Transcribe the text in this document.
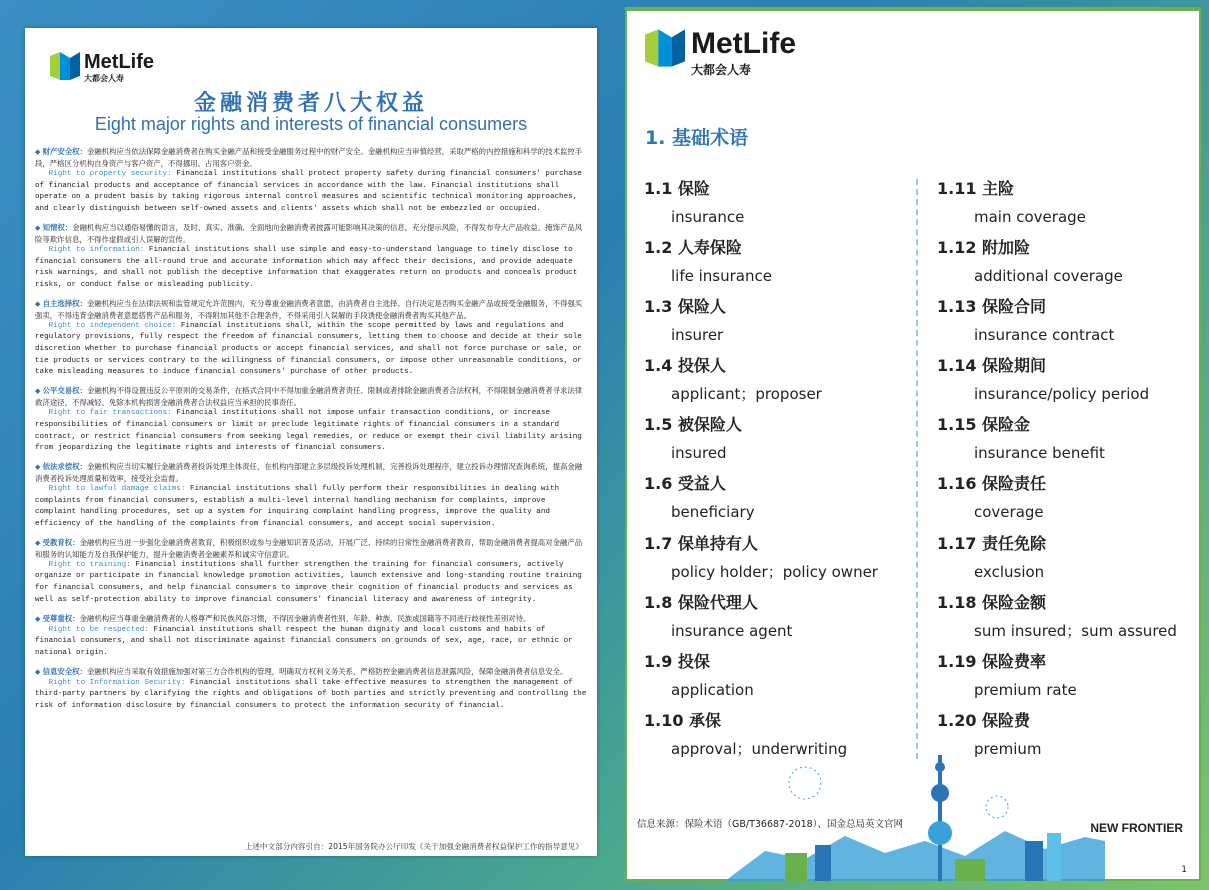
MetLife
大都会人寿
金融消费者八大权益
Eight major rights and interests of financial consumers

◆ 财产安全权：金融机构应当依法保障金融消费者在购买金融产品和接受金融服务过程中的财产安全。金融机构应当审慎经营，采取严格的内控措施和科学的技术监控手段，严格区分机构自身资产与客户资产，不得挪用、占用客户资金。

Right to property security: Financial institutions shall protect property safety during financial consumers' purchase of financial products and acceptance of financial services in accordance with the law. Financial institutions shall operate on a prudent basis by taking rigorous internal control measures and scientific technical monitoring approaches, and clearly distinguish between self-owned assets and clients' assets which shall not be embezzled or occupied.

◆ 知情权：金融机构应当以通俗易懂的语言，及时、真实、准确、全面地向金融消费者披露可能影响其决策的信息，充分提示风险，不得发布夸大产品收益、掩饰产品风险等欺诈信息，不得作虚假或引人误解的宣传。

Right to information: Financial institutions shall use simple and easy-to-understand language to timely disclose to financial consumers the all-round true and accurate information which may affect their decisions, and provide adequate risk warnings, and shall not publish the deceptive information that exaggerates return on products and conceals product risks, or conduct false or misleading publicity.

◆ 自主选择权：金融机构应当在法律法规和监管规定允许范围内，充分尊重金融消费者意愿，由消费者自主选择、自行决定是否购买金融产品或接受金融服务，不得强买强卖，不得违背金融消费者意愿搭售产品和服务，不得附加其他不合理条件，不得采用引人误解的手段诱使金融消费者购买其他产品。

Right to independent choice: Financial institutions shall, within the scope permitted by laws and regulations and regulatory provisions, fully respect the freedom of financial consumers, letting them to choose and decide at their sole discretion whether to purchase financial products or accept financial services, and shall not force purchase or sale, or tie products or services contrary to the willingness of financial consumers, or impose other unreasonable conditions, or take misleading measures to induce financial consumers' purchase of other products.

◆ 公平交易权：金融机构不得设置违反公平原则的交易条件，在格式合同中不得加重金融消费者责任、限制或者排除金融消费者合法权利，不得限制金融消费者寻求法律救济途径，不得减轻、免除本机构损害金融消费者合法权益应当承担的民事责任。

Right to fair transactions: Financial institutions shall not impose unfair transaction conditions, or increase responsibilities of financial consumers or limit or preclude legitimate rights of financial consumers in a standard contract, or restrict financial consumers from seeking legal remedies, or reduce or exempt their civil liability arising from jeopardizing the legitimate rights and interests of financial consumers.

◆ 依法求偿权：金融机构应当切实履行金融消费者投诉处理主体责任，在机构内部建立多层级投诉处理机制，完善投诉处理程序，建立投诉办理情况查询系统，提高金融消费者投诉处理质量和效率，接受社会监督。

Right to lawful damage claims: Financial institutions shall fully perform their responsibilities in dealing with complaints from financial consumers, establish a multi-level internal handling mechanism for complaints, improve complaint handling procedures, set up a system for inquiring complaint handling progress, improve the quality and efficiency of the handling of the complaints from financial consumers, and accept social supervision.

◆ 受教育权：金融机构应当进一步强化金融消费者教育，积极组织或参与金融知识普及活动，开展广泛、持续的日常性金融消费者教育，帮助金融消费者提高对金融产品和服务的认知能力及自我保护能力，提升金融消费者金融素养和诚实守信意识。

Right to training: Financial institutions shall further strengthen the training for financial consumers, actively organize or participate in financial knowledge promotion activities, launch extensive and long-standing routine training for financial consumers, and help financial consumers to improve their cognition of financial products and services as well as self-protection ability to improve financial consumers' financial literacy and awareness of integrity.

◆ 受尊重权：金融机构应当尊重金融消费者的人格尊严和民族风俗习惯，不得因金融消费者性别、年龄、种族、民族或国籍等不同进行歧视性差别对待。

Right to be respected: Financial institutions shall respect the human dignity and local customs and habits of financial consumers, and shall not discriminate against financial consumers on grounds of sex, age, race, or ethnic or national origin.

◆ 信息安全权：金融机构应当采取有效措施加强对第三方合作机构的管理，明确双方权利义务关系，严格防控金融消费者信息泄露风险，保障金融消费者信息安全。

Right to Information Security: Financial institutions shall take effective measures to strengthen the management of third-party partners by clarifying the rights and obligations of both parties and strictly preventing and controlling the risk of information disclosure by financial consumers to protect the information security of financial.

上述中文部分内容引自：2015年国务院办公厅印发《关于加强金融消费者权益保护工作的指导意见》
MetLife
大都会人寿
1. 基础术语
1.1 保险
insurance
1.2 人寿保险
life insurance
1.3 保险人
insurer
1.4 投保人
applicant；proposer
1.5 被保险人
insured
1.6 受益人
beneficiary
1.7 保单持有人
policy holder；policy owner
1.8 保险代理人
insurance agent
1.9 投保
application
1.10 承保
approval；underwriting
1.11 主险
main coverage
1.12 附加险
additional coverage
1.13 保险合同
insurance contract
1.14 保险期间
insurance/policy period
1.15 保险金
insurance benefit
1.16 保险责任
coverage
1.17 责任免除
exclusion
1.18 保险金额
sum insured；sum assured
1.19 保险费率
premium rate
1.20 保险费
premium
信息来源：保险术语（GB/T36687-2018）、国金总局英文官网	NEW FRONTIER
1
